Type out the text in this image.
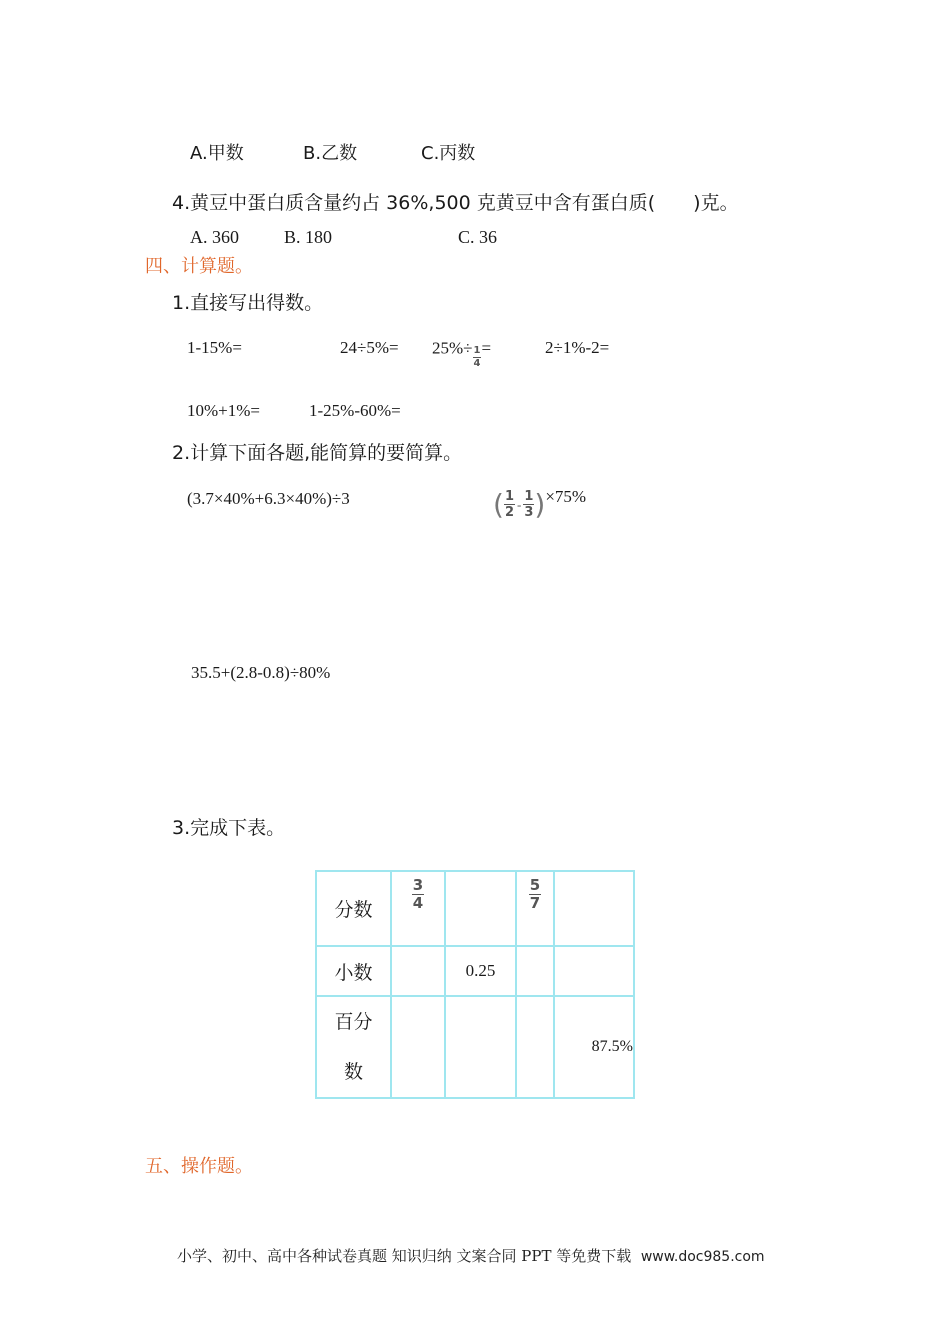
A.甲数	B.乙数	C.丙数
4.黄豆中蛋白质含量约占 36%,500 克黄豆中含有蛋白质(　　)克。
A. 360	B. 180	C. 36
四、计算题。
1.直接写出得数。
1-15%=	$24\div 5\%= 25\%\div \frac{1}{4}$ =	2÷1%-2=
10%+1%=	1-25%-60%=
2.计算下面各题,能简算的要简算。
(3.7×40%+6.3×40%)÷3	( $\frac{1}{2} - \frac{1}{3}$ ) ×75%
35.5+(2.8-0.8)÷80%
3.完成下表。
分数	$\frac{3}{4}$		$\frac{5}{7}$

小数		0.25		

百分
数				87.5%
五、操作题。
小学、初中、高中各种试卷真题 知识归纳 文案合同 PPT 等免费下载 www.doc985.com
